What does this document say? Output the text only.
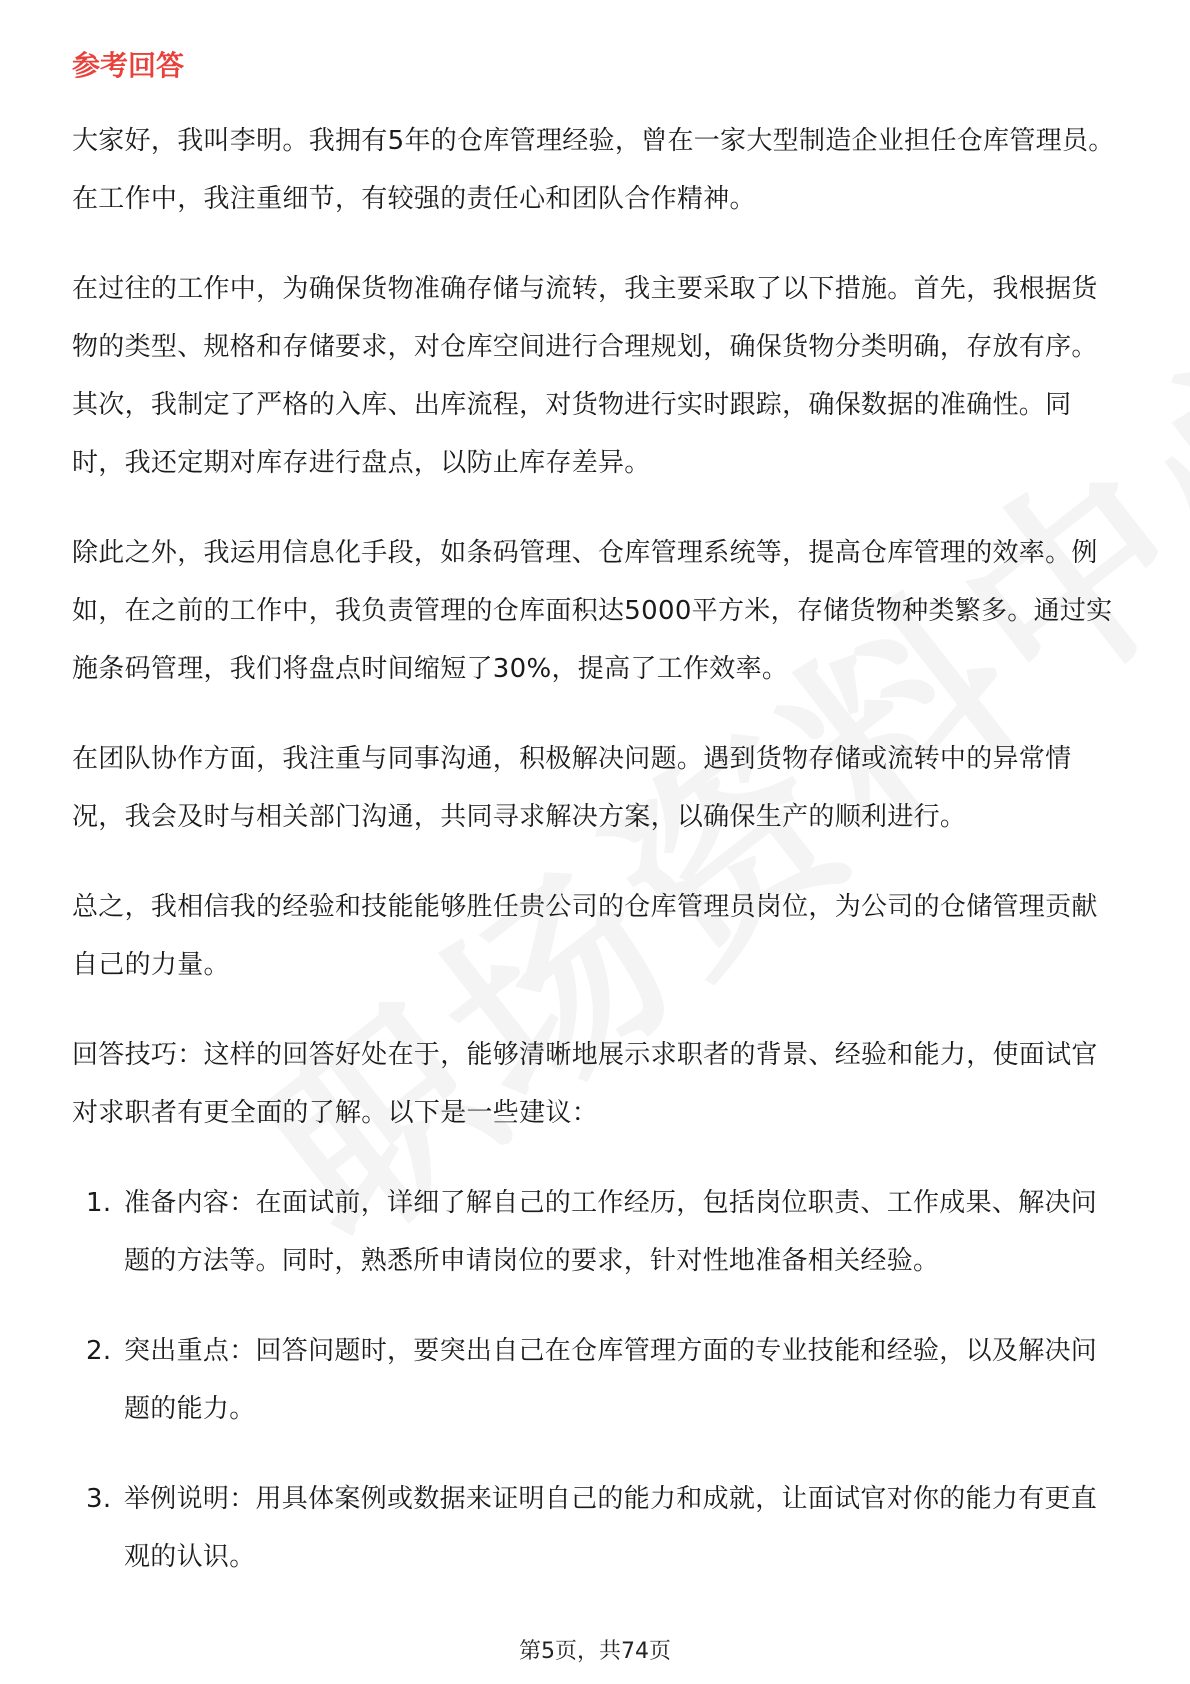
参考回答

大家好，我叫李明。我拥有5年的仓库管理经验，曾在一家大型制造企业担任仓库管理员。在工作中，我注重细节，有较强的责任心和团队合作精神。

在过往的工作中，为确保货物准确存储与流转，我主要采取了以下措施。首先，我根据货物的类型、规格和存储要求，对仓库空间进行合理规划，确保货物分类明确，存放有序。其次，我制定了严格的入库、出库流程，对货物进行实时跟踪，确保数据的准确性。同时，我还定期对库存进行盘点，以防止库存差异。

除此之外，我运用信息化手段，如条码管理、仓库管理系统等，提高仓库管理的效率。例如，在之前的工作中，我负责管理的仓库面积达5000平方米，存储货物种类繁多。通过实施条码管理，我们将盘点时间缩短了30%，提高了工作效率。

在团队协作方面，我注重与同事沟通，积极解决问题。遇到货物存储或流转中的异常情况，我会及时与相关部门沟通，共同寻求解决方案，以确保生产的顺利进行。

总之，我相信我的经验和技能能够胜任贵公司的仓库管理员岗位，为公司的仓储管理贡献自己的力量。

回答技巧：这样的回答好处在于，能够清晰地展示求职者的背景、经验和能力，使面试官对求职者有更全面的了解。以下是一些建议：

1. 准备内容：在面试前，详细了解自己的工作经历，包括岗位职责、工作成果、解决问题的方法等。同时，熟悉所申请岗位的要求，针对性地准备相关经验。
2. 突出重点：回答问题时，要突出自己在仓库管理方面的专业技能和经验，以及解决问题的能力。
3. 举例说明：用具体案例或数据来证明自己的能力和成就，让面试官对你的能力有更直观的认识。
第5页，共74页
